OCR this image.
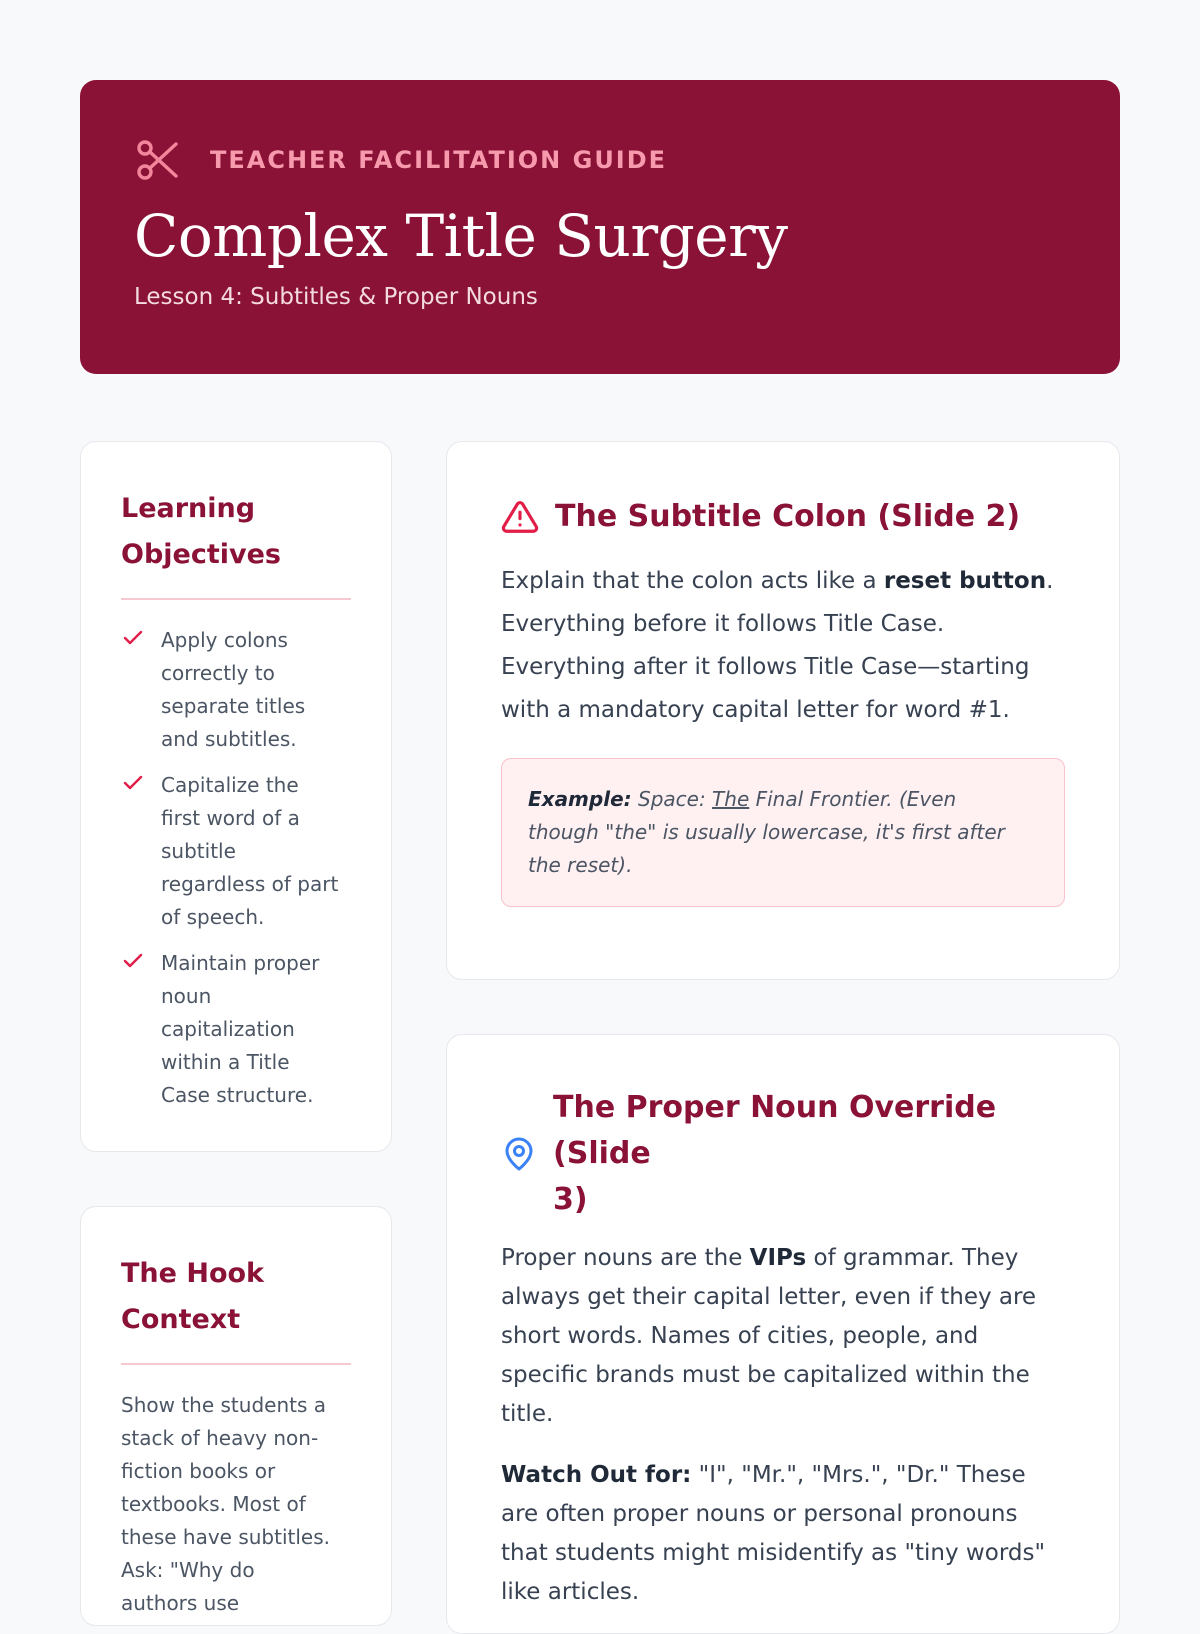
TEACHER FACILITATION GUIDE
Complex Title Surgery
Lesson 4: Subtitles & Proper Nouns
Learning
Objectives
Apply colons
correctly to
separate titles
and subtitles.
Capitalize the
first word of a
subtitle
regardless of part
of speech.
Maintain proper
noun
capitalization
within a Title
Case structure.
The Hook
Context
Show the students a
stack of heavy non-
fiction books or
textbooks. Most of
these have subtitles.
Ask: "Why do
authors use
The Subtitle Colon (Slide 2)
Explain that the colon acts like a reset button.
Everything before it follows Title Case.
Everything after it follows Title Case—starting
with a mandatory capital letter for word #1.
Example: Space: The Final Frontier. (Even
though "the" is usually lowercase, it's first after
the reset).
The Proper Noun Override (Slide
3)
Proper nouns are the VIPs of grammar. They
always get their capital letter, even if they are
short words. Names of cities, people, and
specific brands must be capitalized within the
title.
Watch Out for: "I", "Mr.", "Mrs.", "Dr." These
are often proper nouns or personal pronouns
that students might misidentify as "tiny words"
like articles.
